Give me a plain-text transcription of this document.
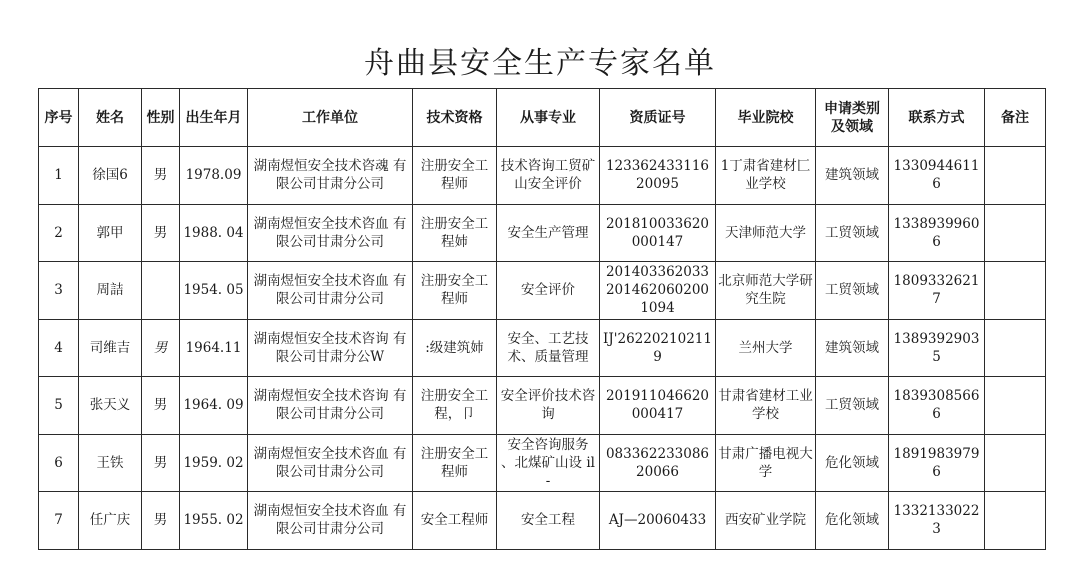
舟曲县安全生产专家名单
序号	姓名	性别	出生年月	工作单位	技术资格	从事专业	资质证号	毕业院校	申请类别及领域	联系方式	备注
1	徐国6	男	1978.09	湖南煜恒安全技术咨魂 有限公司甘肃分公司	注册安全工程师	技术咨询工贸矿山安全评价	12336243311620095	1丁肃省建材匚业学校	建筑领域	13309446116	
2	郭甲	男	1988. 04	湖南煜恒安全技术咨血 有限公司甘肃分公司	注册安全工程姉	安全生产管理	201810033620000147	天津师范大学	工贸领域	13389399606	
3	周詰		1954. 05	湖南煜恒安全技术咨血 有限公司甘肃分公司	注册安全工程师	安全评价	2014033620332014620602001094	北京师范大学研究生院	工贸领域	18093326217	
4	司维吉	男	1964.11	湖南煜恒安全技术咨询 有限公司甘肃分公W	:级建筑姉	安全、工艺技术、质量管理	IJ'262202102119	兰州大学	建筑领域	13893929035	
5	张天义	男	1964. 09	湖南煜恒安全技术咨询 有限公司甘肃分公司	注册安全工程，卩	安全评价技术咨询	201911046620000417	甘肃省建材工业学校	工贸领域	18393085666	
6	王铁	男	1959. 02	湖南煜恒安全技术咨血 有限公司甘肃分公司	注册安全工程师	安全咨询服务 、北煤矿山设 il-	08336223308620066	甘肃广播电视大学	危化领域	18919839796	
7	任广庆	男	1955. 02	湖南煜恒安全技术咨血 有限公司甘肃分公司	安全工程师	安全工程	AJ—20060433	西安矿业学院	危化领域	13321330223	
